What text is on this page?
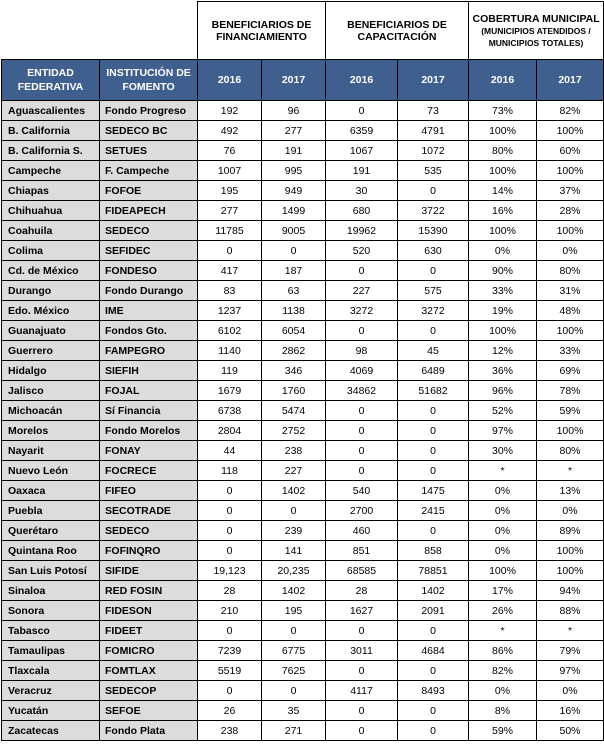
		BENEFICIARIOS DE FINANCIAMIENTO		BENEFICIARIOS DE CAPACITACIÓN		COBERTURA MUNICIPAL (MUNICIPIOS ATENDIDOS / MUNICIPIOS TOTALES)	
ENTIDAD FEDERATIVA	INSTITUCIÓN DE FOMENTO	2016	2017	2016	2017	2016	2017
Aguascalientes	Fondo Progreso	192	96	0	73	73%	82%
B. California	SEDECO BC	492	277	6359	4791	100%	100%
B. California S.	SETUES	76	191	1067	1072	80%	60%
Campeche	F. Campeche	1007	995	191	535	100%	100%
Chiapas	FOFOE	195	949	30	0	14%	37%
Chihuahua	FIDEAPECH	277	1499	680	3722	16%	28%
Coahuila	SEDECO	11785	9005	19962	15390	100%	100%
Colima	SEFIDEC	0	0	520	630	0%	0%
Cd. de México	FONDESO	417	187	0	0	90%	80%
Durango	Fondo Durango	83	63	227	575	33%	31%
Edo. México	IME	1237	1138	3272	3272	19%	48%
Guanajuato	Fondos Gto.	6102	6054	0	0	100%	100%
Guerrero	FAMPEGRO	1140	2862	98	45	12%	33%
Hidalgo	SIEFIH	119	346	4069	6489	36%	69%
Jalisco	FOJAL	1679	1760	34862	51682	96%	78%
Michoacán	Sí Financia	6738	5474	0	0	52%	59%
Morelos	Fondo Morelos	2804	2752	0	0	97%	100%
Nayarit	FONAY	44	238	0	0	30%	80%
Nuevo León	FOCRECE	118	227	0	0	*	*
Oaxaca	FIFEO	0	1402	540	1475	0%	13%
Puebla	SECOTRADE	0	0	2700	2415	0%	0%
Querétaro	SEDECO	0	239	460	0	0%	89%
Quintana Roo	FOFINQRO	0	141	851	858	0%	100%
San Luis Potosí	SIFIDE	19,123	20,235	68585	78851	100%	100%
Sinaloa	RED FOSIN	28	1402	28	1402	17%	94%
Sonora	FIDESON	210	195	1627	2091	26%	88%
Tabasco	FIDEET	0	0	0	0	*	*
Tamaulipas	FOMICRO	7239	6775	3011	4684	86%	79%
Tlaxcala	FOMTLAX	5519	7625	0	0	82%	97%
Veracruz	SEDECOP	0	0	4117	8493	0%	0%
Yucatán	SEFOE	26	35	0	0	8%	16%
Zacatecas	Fondo Plata	238	271	0	0	59%	50%
